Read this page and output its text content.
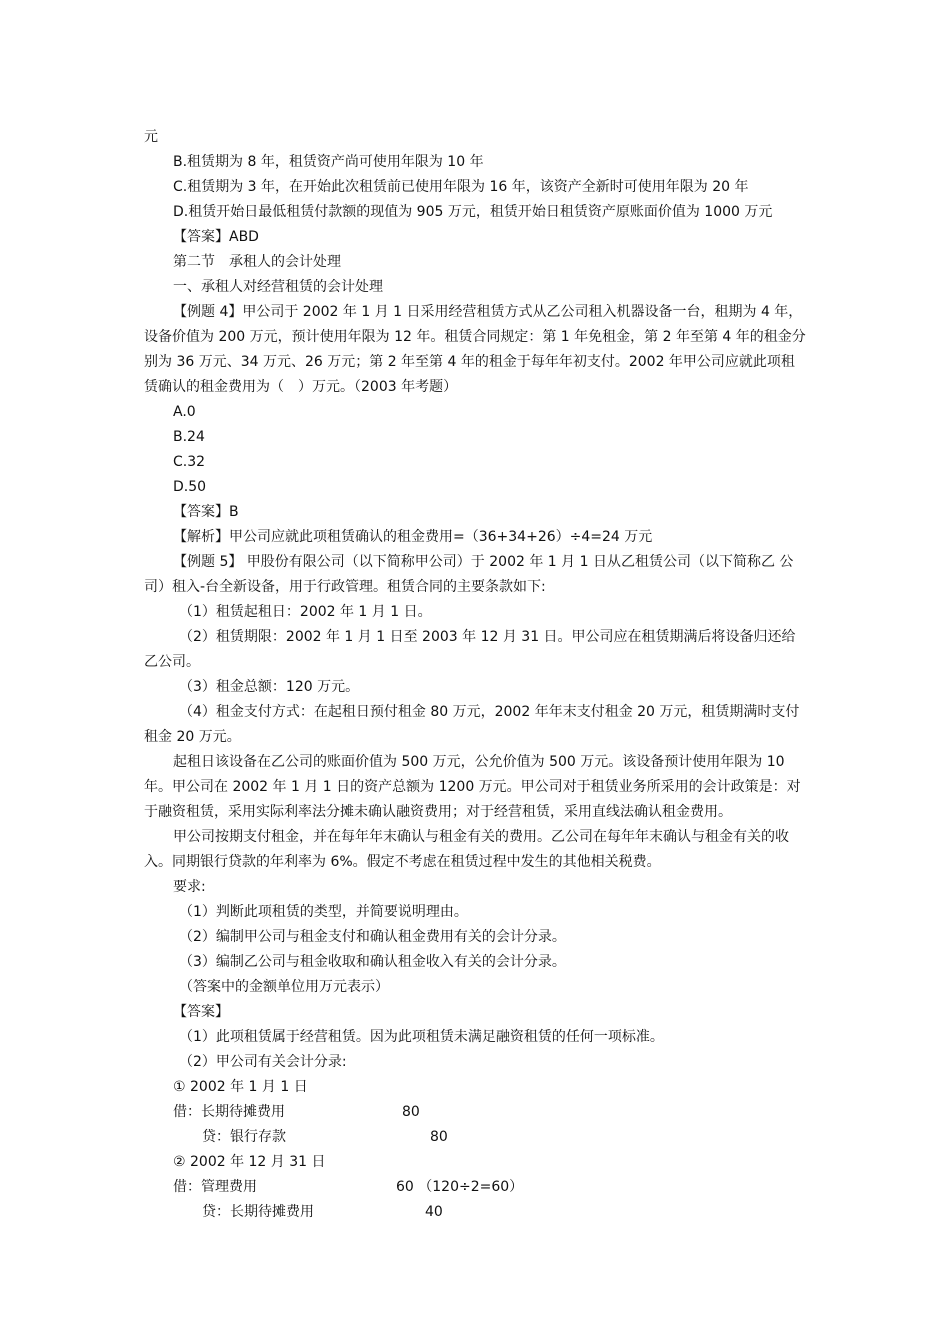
元

B.租赁期为 8 年，租赁资产尚可使用年限为 10 年

C.租赁期为 3 年，在开始此次租赁前已使用年限为 16 年，该资产全新时可使用年限为 20 年

D.租赁开始日最低租赁付款额的现值为 905 万元，租赁开始日租赁资产原账面价值为 1000 万元

【答案】ABD

第二节　承租人的会计处理

一、承租人对经营租赁的会计处理

【例题 4】甲公司于 2002 年 1 月 1 日采用经营租赁方式从乙公司租入机器设备一台，租期为 4 年，设备价值为 200 万元，预计使用年限为 12 年。租赁合同规定：第 1 年免租金，第 2 年至第 4 年的租金分别为 36 万元、34 万元、26 万元；第 2 年至第 4 年的租金于每年年初支付。2002 年甲公司应就此项租赁确认的租金费用为（　）万元。（2003 年考题）

A.0

B.24

C.32

D.50

【答案】B

【解析】甲公司应就此项租赁确认的租金费用=（36+34+26）÷4=24 万元

【例题 5】 甲股份有限公司（以下简称甲公司）于 2002 年 1 月 1 日从乙租赁公司（以下简称乙 公司）租入-台全新设备，用于行政管理。租赁合同的主要条款如下:

（1）租赁起租日：2002 年 1 月 1 日。

（2）租赁期限：2002 年 1 月 1 日至 2003 年 12 月 31 日。甲公司应在租赁期满后将设备归还给乙公司。

（3）租金总额：120 万元。

（4）租金支付方式：在起租日预付租金 80 万元，2002 年年末支付租金 20 万元，租赁期满时支付租金 20 万元。

起租日该设备在乙公司的账面价值为 500 万元，公允价值为 500 万元。该设备预计使用年限为 10 年。甲公司在 2002 年 1 月 1 日的资产总额为 1200 万元。甲公司对于租赁业务所采用的会计政策是：对于融资租赁，采用实际利率法分摊未确认融资费用；对于经营租赁，采用直线法确认租金费用。

甲公司按期支付租金，并在每年年末确认与租金有关的费用。乙公司在每年年末确认与租金有关的收入。同期银行贷款的年利率为 6%。假定不考虑在租赁过程中发生的其他相关税费。

要求:

（1）判断此项租赁的类型，并简要说明理由。

（2）编制甲公司与租金支付和确认租金费用有关的会计分录。

（3）编制乙公司与租金收取和确认租金收入有关的会计分录。

（答案中的金额单位用万元表示）

【答案】

（1）此项租赁属于经营租赁。因为此项租赁未满足融资租赁的任何一项标准。

（2）甲公司有关会计分录:

① 2002 年 1 月 1 日

借：长期待摊费用	80
贷：银行存款	80

② 2002 年 12 月 31 日

借：管理费用	60 （120÷2=60）
贷：长期待摊费用	40
